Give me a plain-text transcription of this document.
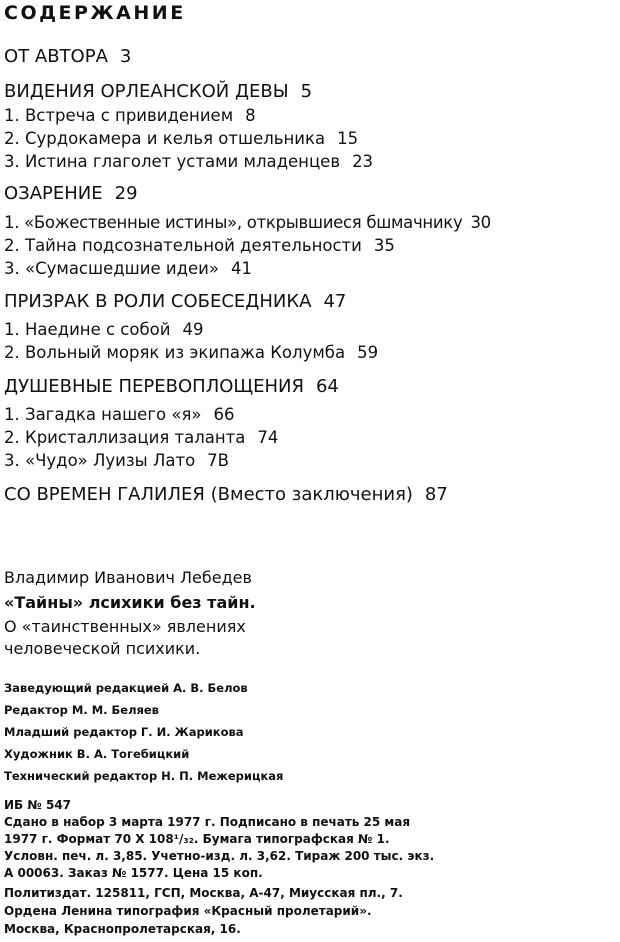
СОДЕРЖАНИЕ
ОТ АВТОРА 3
ВИДЕНИЯ ОРЛЕАНСКОЙ ДЕВЫ 5
1. Встреча с привидением 8
2. Сурдокамера и келья отшельника 15
3. Истина глаголет устами младенцев 23
ОЗАРЕНИЕ 29
1. «Божественные истины», открывшиеся бшмачнику 30
2. Тайна подсознательной деятельности 35
3. «Сумасшедшие идеи» 41
ПРИЗРАК В РОЛИ СОБЕСЕДНИКА 47
1. Наедине с собой 49
2. Вольный моряк из экипажа Колумба 59
ДУШЕВНЫЕ ПЕРЕВОПЛОЩЕНИЯ 64
1. Загадка нашего «я» 66
2. Кристаллизация таланта 74
3. «Чудо» Луизы Лато 7В
СО ВРЕМЕН ГАЛИЛЕЯ (Вместо заключения) 87
Владимир Иванович Лебедев
«Тайны» лсихики без тайн.
О «таинственных» явлениях
человеческой психики.
Заведующий редакцией А. В. Белов
Редактор М. М. Беляев
Младший редактор Г. И. Жарикова
Художник В. А. Тогебицкий
Технический редактор Н. П. Межерицкая
ИБ № 547
Сдано в набор 3 марта 1977 г. Подписано в печать 25 мая
1977 г. Формат 70 Х 108¹/₃₂. Бумага типографская № 1.
Условн. печ. л. 3,85. Учетно-изд. л. 3,62. Тираж 200 тыс. экз.
А 00063. Заказ № 1577. Цена 15 коп.
Политиздат. 125811, ГСП, Москва, А-47, Миусская пл., 7.
Ордена Ленина типография «Красный пролетарий».
Москва, Краснопролетарская, 16.
